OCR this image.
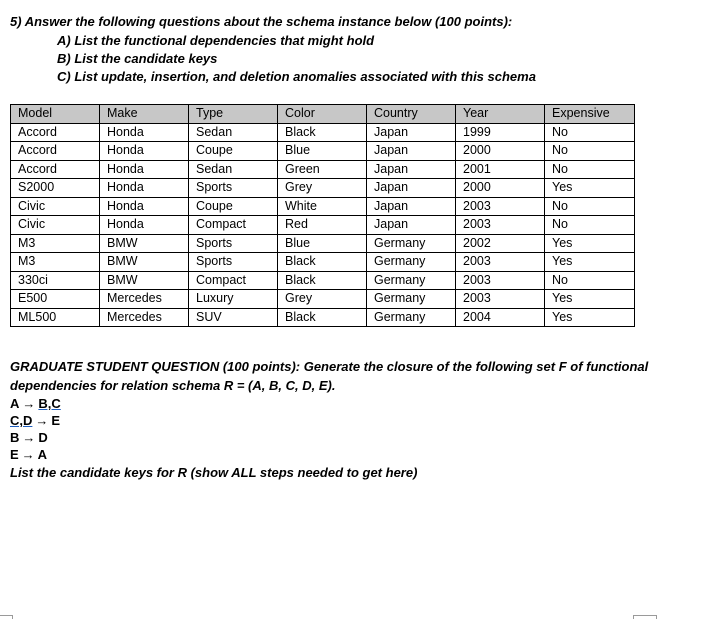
5) Answer the following questions about the schema instance below (100 points):
A) List the functional dependencies that might hold
B) List the candidate keys
C) List update, insertion, and deletion anomalies associated with this schema
Model	Make	Type	Color	Country	Year	Expensive
Accord	Honda	Sedan	Black	Japan	1999	No
Accord	Honda	Coupe	Blue	Japan	2000	No
Accord	Honda	Sedan	Green	Japan	2001	No
S2000	Honda	Sports	Grey	Japan	2000	Yes
Civic	Honda	Coupe	White	Japan	2003	No
Civic	Honda	Compact	Red	Japan	2003	No
M3	BMW	Sports	Blue	Germany	2002	Yes
M3	BMW	Sports	Black	Germany	2003	Yes
330ci	BMW	Compact	Black	Germany	2003	No
E500	Mercedes	Luxury	Grey	Germany	2003	Yes
ML500	Mercedes	SUV	Black	Germany	2004	Yes
GRADUATE STUDENT QUESTION (100 points): Generate the closure of the following set F of functional dependencies for relation schema R = (A, B, C, D, E).
A → B,C
C,D → E
B → D
E → A
List the candidate keys for R (show ALL steps needed to get here)
